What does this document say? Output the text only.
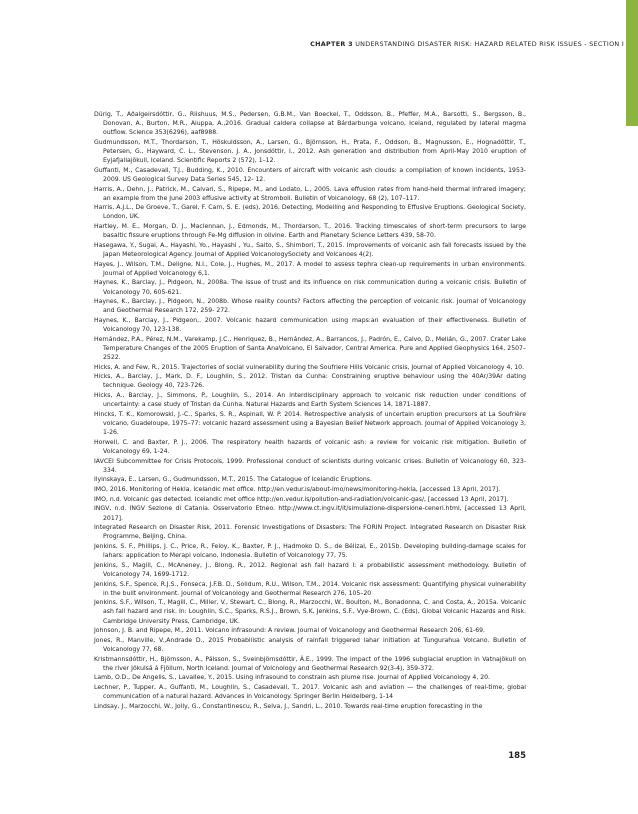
CHAPTER 3 UNDERSTANDING DISASTER RISK: HAZARD RELATED RISK ISSUES - SECTION I

Dürig, T., Aðalgeirsdóttir, G., Riishuus, M.S., Pedersen, G.B.M., Van Boeckel, T., Oddsson, B., Pfeffer, M.A., Barsotti, S., Bergsson, B., Donovan, A., Burton, M.R., Aiuppa, A.,2016. Gradual caldera collapse at Bárdarbunga volcano, Iceland, regulated by lateral magma outflow. Science 353(6296), aaf8988.

Gudmundsson, M.T., Thordarson, T., Höskuldsson, A., Larsen, G., Björnsson, H., Prata, F., Oddson, B., Magnusson, E., Hognadóttir, T., Petersen, G., Hayward, C. L., Stevenson, J. A., Jonsdóttir, I., 2012. Ash generation and distribution from April-May 2010 eruption of Eyjafjallajökull, Iceland. Scientific Reports 2 (572), 1–12.

Guffanti, M., Casadevall, T.J., Budding, K., 2010. Encounters of aircraft with volcanic ash clouds: a compilation of known incidents, 1953-2009. US Geological Survey Data Series 545, 12- 12.

Harris, A., Dehn, J., Patrick, M., Calvari, S., Ripepe, M., and Lodato, L., 2005. Lava effusion rates from hand-held thermal infrared imagery; an example from the June 2003 effusive activity at Stromboli. Bulletin of Volcanology, 68 (2), 107–117.

Harris, A.J.L., De Groeve, T., Garel, F. Carn, S. E. (eds), 2016. Detecting, Modelling and Responding to Effusive Eruptions. Geological Society, London, UK.

Hartley, M. E., Morgan, D. J., Maclennan, J., Edmonds, M., Thordarson, T., 2016. Tracking timescales of short-term precursors to large basaltic fissure eruptions through Fe-Mg diffusion in olivine. Earth and Planetary Science Letters 439, 58-70.

Hasegawa, Y., Sugai, A., Hayashi, Yo., Hayashi , Yu., Saito, S., Shimbori, T., 2015. Improvements of volcanic ash fall forecasts issued by the Japan Meteorological Agency. Journal of Applied VolcanologySociety and Volcanoes 4(2).

Hayes, J., Wilson, T.M., Deligne, N.I., Cole, J., Hughes, M., 2017. A model to assess tephra clean-up requirements in urban environments. Journal of Applied Volcanology 6,1.

Haynes, K., Barclay, J., Pidgeon, N., 2008a. The issue of trust and its influence on risk communication during a volcanic crisis. Bulletin of Volcanology 70, 605-621.

Haynes, K., Barclay, J., Pidgeon, N., 2008b. Whose reality counts? Factors affecting the perception of volcanic risk. Journal of Volcanology and Geothermal Research 172, 259- 272.

Haynes, K., Barclay, J., Pidgeon,. 2007. Volcanic hazard communication using maps:an evaluation of their effectiveness. Bulletin of Volcanology 70, 123-138.

Hernández, P.A., Pérez, N.M., Varekamp, J.C., Henriquez, B., Hernández, A., Barrancos, J., Padrón, E., Calvo, D., Melián, G., 2007. Crater Lake Temperature Changes of the 2005 Eruption of Santa AnaVolcano, El Salvador, Central America. Pure and Applied Geophysics 164, 2507–2522.

Hicks, A. and Few, R., 2015. Trajectories of social vulnerability during the Soufriere Hills Volcanic crisis, Journal of Applied Volcanology 4, 10.

Hicks, A., Barclay, J., Mark, D. F., Loughlin, S., 2012. Tristan da Cunha: Constraining eruptive behaviour using the 40Ar/39Ar dating technique. Geology 40, 723-726.

Hicks, A., Barclay, J., Simmons, P., Loughlin, S., 2014. An interdisciplinary approach to volcanic risk reduction under conditions of uncertainty: a case study of Tristan da Cunha. Natural Hazards and Earth System Sciences 14, 1871-1887.

Hincks, T. K., Komorowski, J.-C., Sparks, S. R., Aspinall, W. P. 2014. Retrospective analysis of uncertain eruption precursors at La Soufrière volcano, Guadeloupe, 1975–77: volcanic hazard assessment using a Bayesian Belief Network approach. Journal of Applied Volcanology 3, 1-26.

Horwell, C. and Baxter, P. J., 2006. The respiratory health hazards of volcanic ash: a review for volcanic risk mitigation. Bulletin of Volcanology 69, 1-24.

IAVCEI Subcommittee for Crisis Protocols, 1999. Professional conduct of scientists during volcanic crises. Bulletin of Volcanology 60, 323-334.

Ilyinskaya, E., Larsen, G., Gudmundsson, M.T., 2015. The Catalogue of Icelandic Eruptions.

IMO, 2016. Monitoring of Hekla. Icelandic met office. http://en.vedur.is/about-imo/news/monitoring-hekla, [accessed 13 April, 2017].

IMO, n.d. Volcanic gas detected. Icelandic met office http://en.vedur.is/pollution-and-radiation/volcanic-gas/, [accessed 13 April, 2017].

INGV, n.d. INGV Sezione di Catania. Osservatorio Etneo. http://www.ct.ingv.it/it/simulazione-dispersione-ceneri.html, [accessed 13 April, 2017].

Integrated Research on Disaster Risk, 2011. Forensic Investigations of Disasters: The FORIN Project. Integrated Research on Disaster Risk Programme, Beijing, China.

Jenkins, S. F., Phillips, J. C., Price, R., Feloy, K., Baxter, P. J., Hadmoko D. S., de Bélizal, E., 2015b. Developing building-damage scales for lahars: application to Merapi volcano, Indonesia. Bulletin of Volcanology 77, 75.

Jenkins, S., Magill, C., McAneney, J., Blong, R., 2012. Regional ash fall hazard I: a probabilistic assessment methodology. Bulletin of Volcanology 74, 1699-1712.

Jenkins, S.F., Spence, R.J.S., Fonseca, J.F.B. D., Solidum, R.U., Wilson, T.M., 2014. Volcanic risk assessment: Quantifying physical vulnerability in the built environment. Journal of Volcanology and Geothermal Research 276, 105–20

Jenkins, S.F., Wilson, T., Magill, C., Miller, V., Stewart, C., Blong, R., Marzocchi, W., Boulton, M., Bonadonna, C. and Costa, A., 2015a. Volcanic ash fall hazard and risk. In: Loughlin, S.C., Sparks, R.S.J., Brown, S.K, Jenkins, S.F., Vye-Brown, C. (Eds), Global Volcanic Hazards and Risk. Cambridge University Press, Cambridge, UK.

Johnson, J. B. and Ripepe, M., 2011. Volcano infrasound: A review. Journal of Volcanology and Geothermal Research 206, 61-69.

Jones, R., Manville, V.,Andrade D., 2015 Probabilistic analysis of rainfall triggered lahar initiation at Tungurahua Volcano. Bulletin of Volcanology 77, 68.

Kristmannsdóttir, H., Björnsson, A., Pálsson, S., Sveinbjörnsdóttir, Á.E., 1999. The impact of the 1996 subglacial eruption in Vatnajökull on the river Jökulsá á Fjöllum, North Iceland. Journal of Volcnology and Geothermal Research 92(3-4), 359-372.

Lamb, O.D., De Angelis, S., Lavallee, Y., 2015. Using infrasound to constrain ash plume rise. Journal of Applied Volcanology 4, 20.

Lechner, P., Tupper, A., Guffanti, M., Loughlin, S., Casadevall, T., 2017. Volcanic ash and aviation — the challenges of real-time, global communication of a natural hazard. Advances in Volcanology. Springer Berlin Heidelberg, 1-14

Lindsay, J., Marzocchi, W., Jolly, G., Constantinescu, R., Selva, J., Sandri, L., 2010. Towards real-time eruption forecasting in the

185
